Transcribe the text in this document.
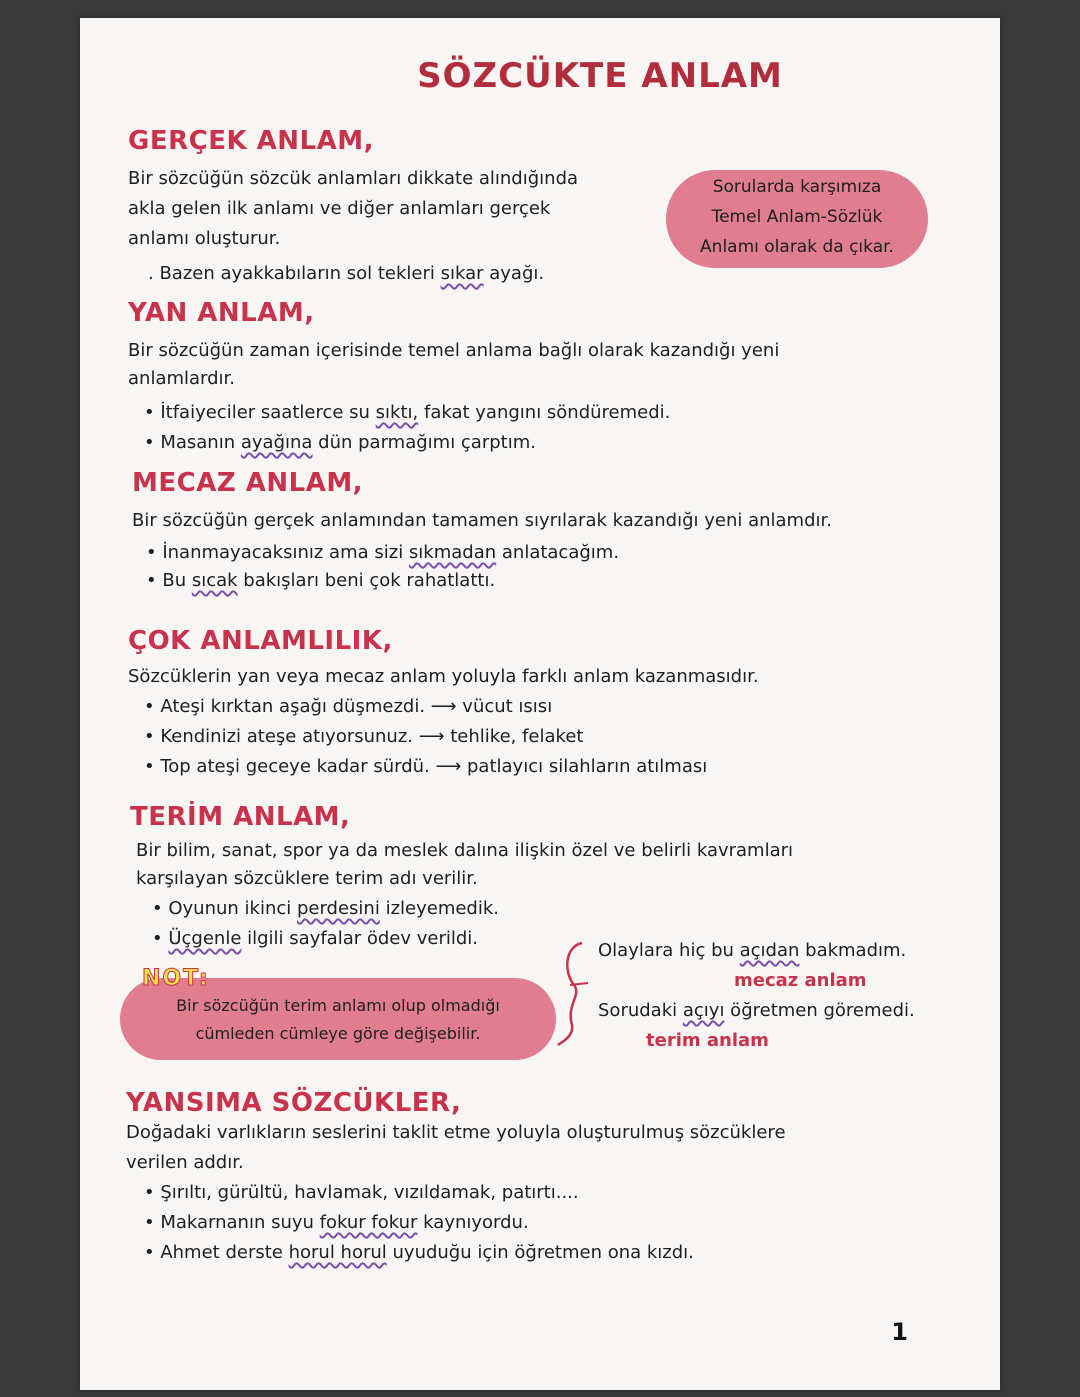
SÖZCÜKTE ANLAM
GERÇEK ANLAM,
Bir sözcüğün sözcük anlamları dikkate alındığında
akla gelen ilk anlamı ve diğer anlamları gerçek
anlamı oluşturur.
. Bazen ayakkabıların sol tekleri sıkar ayağı.
Sorularda karşımıza
Temel Anlam-Sözlük
Anlamı olarak da çıkar.
YAN ANLAM,
Bir sözcüğün zaman içerisinde temel anlama bağlı olarak kazandığı yeni
anlamlardır.
• İtfaiyeciler saatlerce su sıktı, fakat yangını söndüremedi.
• Masanın ayağına dün parmağımı çarptım.
MECAZ ANLAM,
Bir sözcüğün gerçek anlamından tamamen sıyrılarak kazandığı yeni anlamdır.
• İnanmayacaksınız ama sizi sıkmadan anlatacağım.
• Bu sıcak bakışları beni çok rahatlattı.
ÇOK ANLAMLILIK,
Sözcüklerin yan veya mecaz anlam yoluyla farklı anlam kazanmasıdır.
• Ateşi kırktan aşağı düşmezdi. ⟶ vücut ısısı
• Kendinizi ateşe atıyorsunuz. ⟶ tehlike, felaket
• Top ateşi geceye kadar sürdü. ⟶ patlayıcı silahların atılması
TERİM ANLAM,
Bir bilim, sanat, spor ya da meslek dalına ilişkin özel ve belirli kavramları
karşılayan sözcüklere terim adı verilir.
• Oyunun ikinci perdesini izleyemedik.
• Üçgenle ilgili sayfalar ödev verildi.
Bir sözcüğün terim anlamı olup olmadığı
cümleden cümleye göre değişebilir.
NOT:
Olaylara hiç bu açıdan bakmadım.
mecaz anlam
Sorudaki açıyı öğretmen göremedi.
terim anlam
YANSIMA SÖZCÜKLER,
Doğadaki varlıkların seslerini taklit etme yoluyla oluşturulmuş sözcüklere
verilen addır.
• Şırıltı, gürültü, havlamak, vızıldamak, patırtı....
• Makarnanın suyu fokur fokur kaynıyordu.
• Ahmet derste horul horul uyuduğu için öğretmen ona kızdı.
1
